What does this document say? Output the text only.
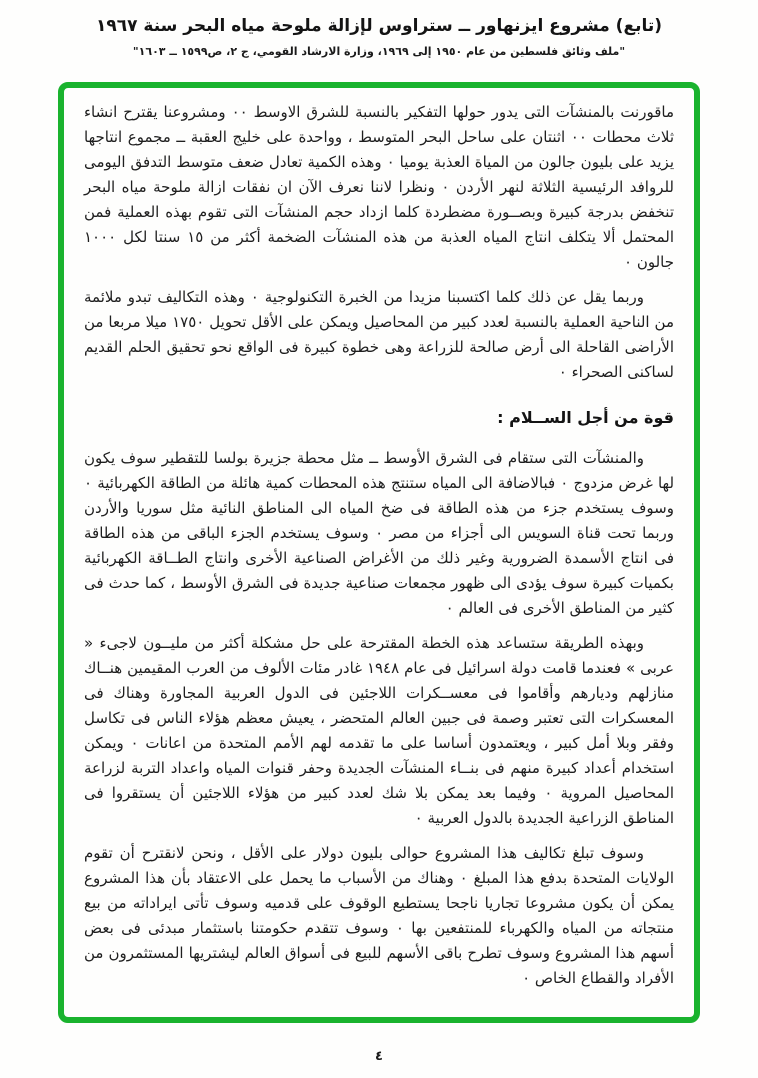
(تابع) مشروع ايزنهاور ــ ستراوس لإزالة ملوحة مياه البحر سنة ١٩٦٧
"ملف وثائق فلسطين من عام ١٩٥٠ إلى ١٩٦٩، وزارة الارشاد القومي، ج ٢، ص١٥٩٩ ــ ١٦٠٣"

ماقورنت بالمنشآت التى يدور حولها التفكير بالنسبة للشرق الاوسط ٠٠ ومشروعنا يقترح انشاء ثلاث محطات ٠٠ اثنتان على ساحل البحر المتوسط ، وواحدة على خليج العقبة ــ مجموع انتاجها يزيد على بليون جالون من المياة العذبة يوميا ٠ وهذه الكمية تعادل ضعف متوسط التدفق اليومى للروافد الرئيسية الثلاثة لنهر الأردن ٠ ونظرا لاننا نعرف الآن ان نفقات ازالة ملوحة مياه البحر تنخفض بدرجة كبيرة وبصــورة مضطردة كلما ازداد حجم المنشآت التى تقوم بهذه العملية فمن المحتمل ألا يتكلف انتاج المياه العذبة من هذه المنشآت الضخمة أكثر من ١٥ سنتا لكل ١٠٠٠ جالون ٠

وربما يقل عن ذلك كلما اكتسبنا مزيدا من الخبرة التكنولوجية ٠ وهذه التكاليف تبدو ملائمة من الناحية العملية بالنسبة لعدد كبير من المحاصيل ويمكن على الأقل تحويل ١٧٥٠ ميلا مربعا من الأراضى القاحلة الى أرض صالحة للزراعة وهى خطوة كبيرة فى الواقع نحو تحقيق الحلم القديم لساكنى الصحراء ٠

قوة من أجل الســلام :

والمنشآت التى ستقام فى الشرق الأوسط ــ مثل محطة جزيرة بولسا للتقطير سوف يكون لها غرض مزدوج ٠ فبالاضافة الى المياه ستنتج هذه المحطات كمية هائلة من الطاقة الكهربائية ٠ وسوف يستخدم جزء من هذه الطاقة فى ضخ المياه الى المناطق النائية مثل سوريا والأردن وربما تحت قناة السويس الى أجزاء من مصر ٠ وسوف يستخدم الجزء الباقى من هذه الطاقة فى انتاج الأسمدة الضرورية وغير ذلك من الأغراض الصناعية الأخرى وانتاج الطــاقة الكهربائية بكميات كبيرة سوف يؤدى الى ظهور مجمعات صناعية جديدة فى الشرق الأوسط ، كما حدث فى كثير من المناطق الأخرى فى العالم ٠

وبهذه الطريقة ستساعد هذه الخطة المقترحة على حل مشكلة أكثر من مليــون لاجىء « عربى » فعندما قامت دولة اسرائيل فى عام ١٩٤٨ غادر مئات الألوف من العرب المقيمين هنــاك منازلهم وديارهم وأقاموا فى معســكرات اللاجئين فى الدول العربية المجاورة وهناك فى المعسكرات التى تعتبر وصمة فى جبين العالم المتحضر ، يعيش معظم هؤلاء الناس فى تكاسل وفقر وبلا أمل كبير ، ويعتمدون أساسا على ما تقدمه لهم الأمم المتحدة من اعانات ٠ ويمكن استخدام أعداد كبيرة منهم فى بنــاء المنشآت الجديدة وحفر قنوات المياه واعداد التربة لزراعة المحاصيل المروية ٠ وفيما بعد يمكن بلا شك لعدد كبير من هؤلاء اللاجئين أن يستقروا فى المناطق الزراعية الجديدة بالدول العربية ٠

وسوف تبلغ تكاليف هذا المشروع حوالى بليون دولار على الأقل ، ونحن لانقترح أن تقوم الولايات المتحدة بدفع هذا المبلغ ٠ وهناك من الأسباب ما يحمل على الاعتقاد بأن هذا المشروع يمكن أن يكون مشروعا تجاريا ناجحا يستطيع الوقوف على قدميه وسوف تأتى ايراداته من بيع منتجاته من المياه والكهرباء للمنتفعين بها ٠ وسوف تتقدم حكومتنا باستثمار مبدئى فى بعض أسهم هذا المشروع وسوف تطرح باقى الأسهم للبيع فى أسواق العالم ليشتريها المستثمرون من الأفراد والقطاع الخاص ٠

٤
